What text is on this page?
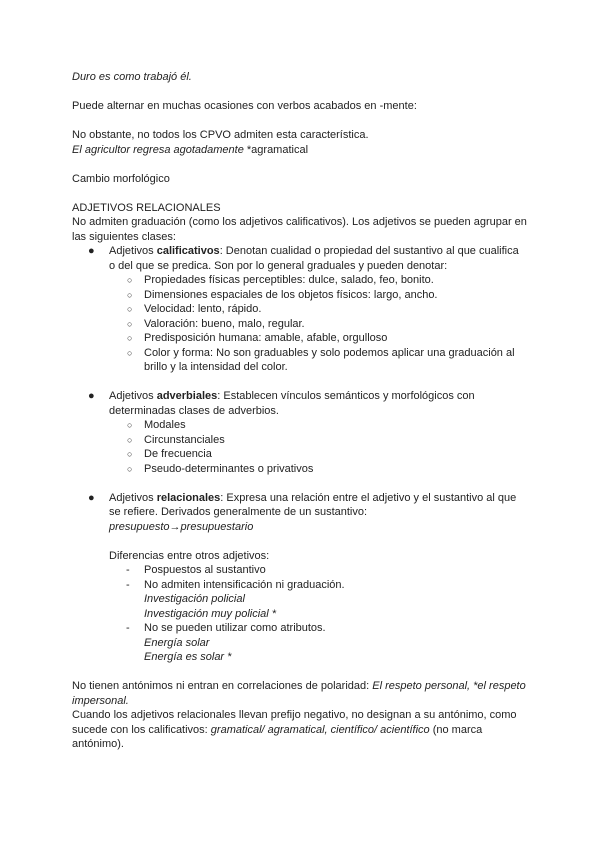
Duro es como trabajó él.

Puede alternar en muchas ocasiones con verbos acabados en -mente:

No obstante, no todos los CPVO admiten esta característica.

El agricultor regresa agotadamente *agramatical

Cambio morfológico

ADJETIVOS RELACIONALES

No admiten graduación (como los adjetivos calificativos). Los adjetivos se pueden agrupar en las siguientes clases:

● Adjetivos calificativos: Denotan cualidad o propiedad del sustantivo al que cualifica o del que se predica. Son por lo general graduales y pueden denotar:
○ Propiedades físicas perceptibles: dulce, salado, feo, bonito.
○ Dimensiones espaciales de los objetos físicos: largo, ancho.
○ Velocidad: lento, rápido.
○ Valoración: bueno, malo, regular.
○ Predisposición humana: amable, afable, orgulloso
○ Color y forma: No son graduables y solo podemos aplicar una graduación al brillo y la intensidad del color.
● Adjetivos adverbiales: Establecen vínculos semánticos y morfológicos con determinadas clases de adverbios.
○ Modales
○ Circunstanciales
○ De frecuencia
○ Pseudo-determinantes o privativos
● Adjetivos relacionales: Expresa una relación entre el adjetivo y el sustantivo al que se refiere. Derivados generalmente de un sustantivo:

presupuesto→presupuestario

Diferencias entre otros adjetivos:

- Pospuestos al sustantivo
- No admiten intensificación ni graduación.

Investigación policial

Investigación muy policial *

- No se pueden utilizar como atributos.

Energía solar

Energía es solar *

No tienen antónimos ni entran en correlaciones de polaridad: El respeto personal, *el respeto impersonal.

Cuando los adjetivos relacionales llevan prefijo negativo, no designan a su antónimo, como sucede con los calificativos: gramatical/ agramatical, científico/ acientífico (no marca antónimo).
